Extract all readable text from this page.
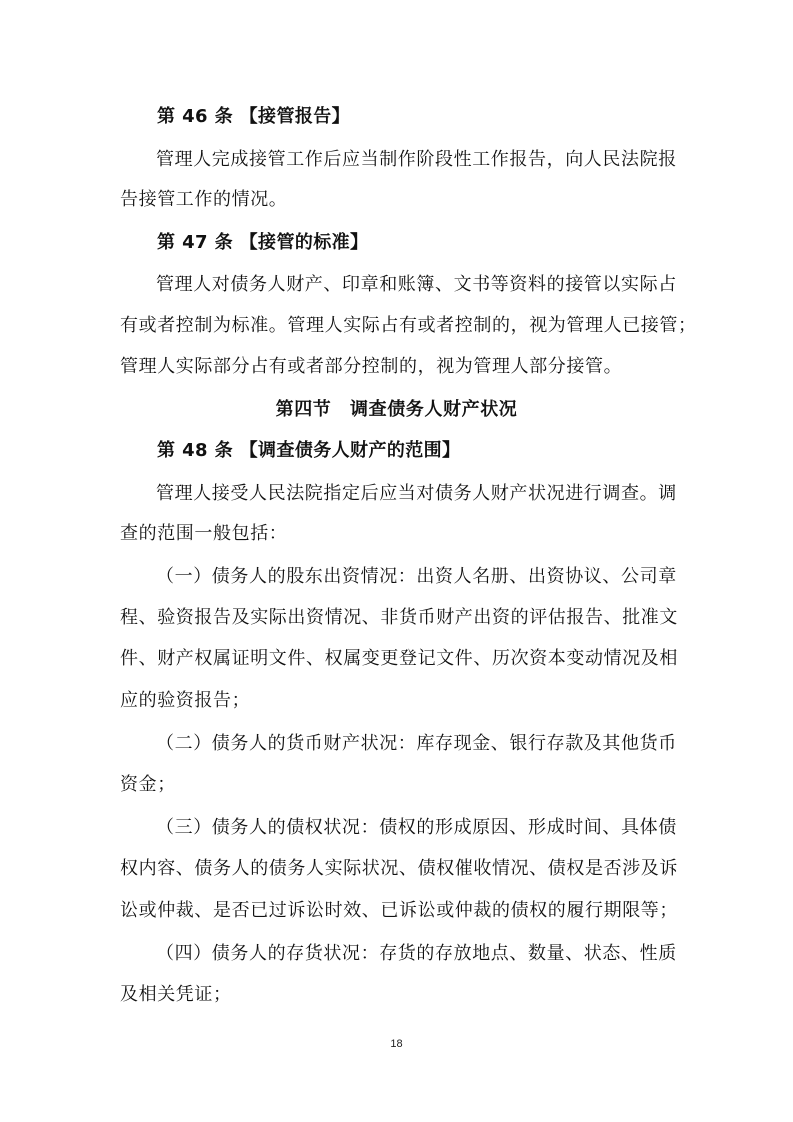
第 46 条 【接管报告】
管理人完成接管工作后应当制作阶段性工作报告，向人民法院报
告接管工作的情况。
第 47 条 【接管的标准】
管理人对债务人财产、印章和账簿、文书等资料的接管以实际占
有或者控制为标准。管理人实际占有或者控制的，视为管理人已接管；
管理人实际部分占有或者部分控制的，视为管理人部分接管。
第四节　调查债务人财产状况
第 48 条 【调查债务人财产的范围】
管理人接受人民法院指定后应当对债务人财产状况进行调查。调
查的范围一般包括：
（一）债务人的股东出资情况：出资人名册、出资协议、公司章
程、验资报告及实际出资情况、非货币财产出资的评估报告、批准文
件、财产权属证明文件、权属变更登记文件、历次资本变动情况及相
应的验资报告；
（二）债务人的货币财产状况：库存现金、银行存款及其他货币
资金；
（三）债务人的债权状况：债权的形成原因、形成时间、具体债
权内容、债务人的债务人实际状况、债权催收情况、债权是否涉及诉
讼或仲裁、是否已过诉讼时效、已诉讼或仲裁的债权的履行期限等；
（四）债务人的存货状况：存货的存放地点、数量、状态、性质
及相关凭证；
18
